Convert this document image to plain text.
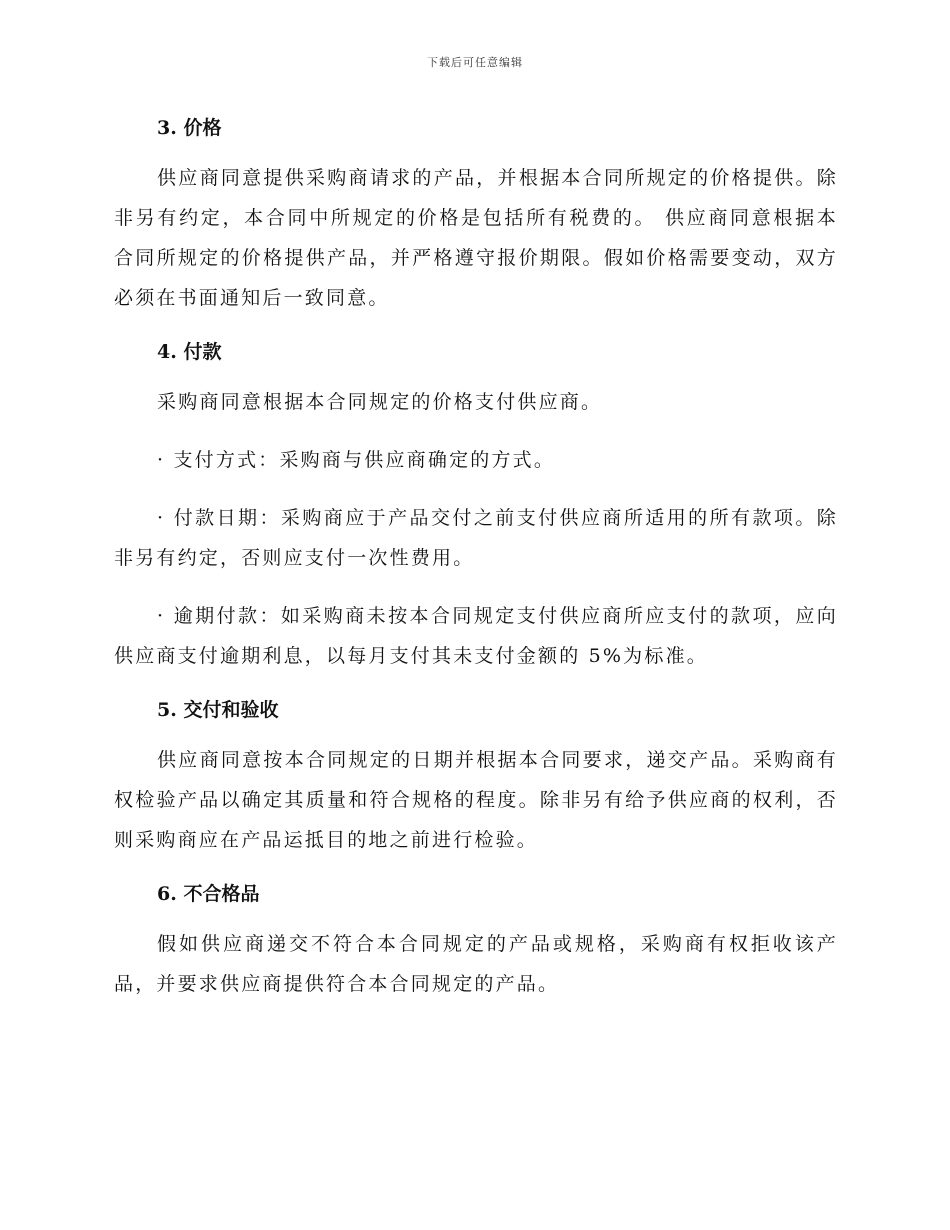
下载后可任意编辑
3. 价格

供应商同意提供采购商请求的产品，并根据本合同所规定的价格提供。除非另有约定，本合同中所规定的价格是包括所有税费的。 供应商同意根据本合同所规定的价格提供产品，并严格遵守报价期限。假如价格需要变动，双方必须在书面通知后一致同意。

4. 付款

采购商同意根据本合同规定的价格支付供应商。

· 支付方式：采购商与供应商确定的方式。

· 付款日期：采购商应于产品交付之前支付供应商所适用的所有款项。除非另有约定，否则应支付一次性费用。

· 逾期付款：如采购商未按本合同规定支付供应商所应支付的款项，应向供应商支付逾期利息，以每月支付其未支付金额的 5%为标准。

5. 交付和验收

供应商同意按本合同规定的日期并根据本合同要求，递交产品。采购商有权检验产品以确定其质量和符合规格的程度。除非另有给予供应商的权利，否则采购商应在产品运抵目的地之前进行检验。

6. 不合格品

假如供应商递交不符合本合同规定的产品或规格，采购商有权拒收该产品，并要求供应商提供符合本合同规定的产品。
